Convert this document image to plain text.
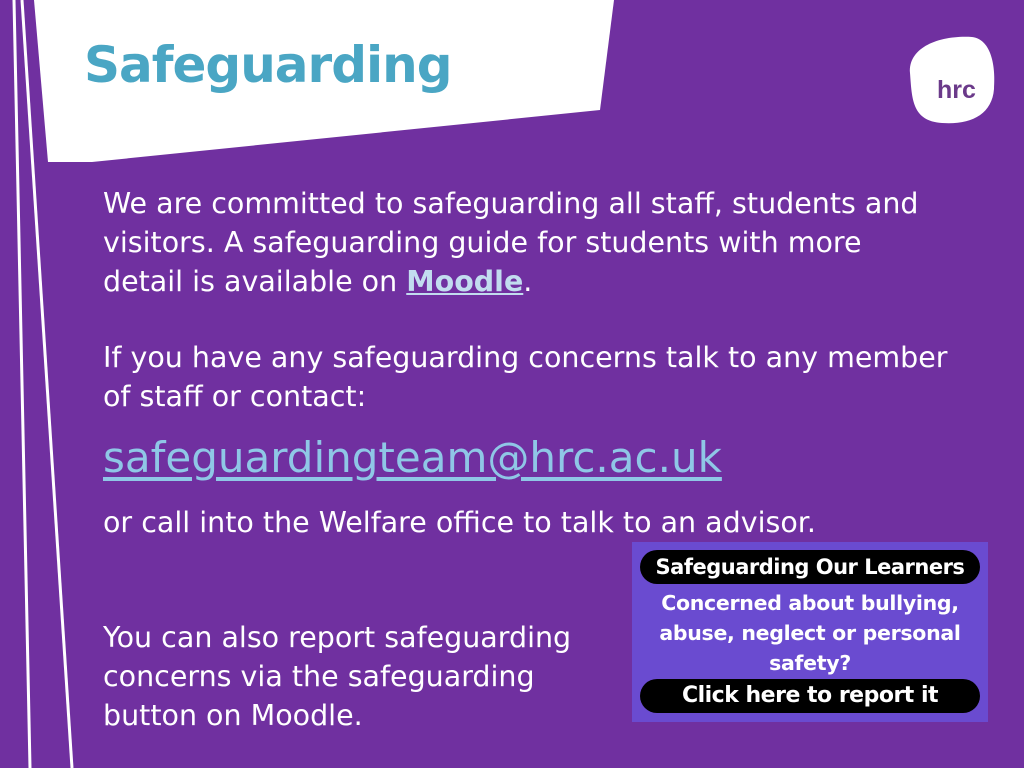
Safeguarding	hrc
We are committed to safeguarding all staff, students and
visitors. A safeguarding guide for students with more
detail is available on Moodle.
If you have any safeguarding concerns talk to any member
of staff or contact:
safeguardingteam@hrc.ac.uk
or call into the Welfare office to talk to an advisor.
You can also report safeguarding
concerns via the safeguarding
button on Moodle.
Safeguarding Our Learners
Concerned about bullying,
abuse, neglect or personal
safety?
Click here to report it
